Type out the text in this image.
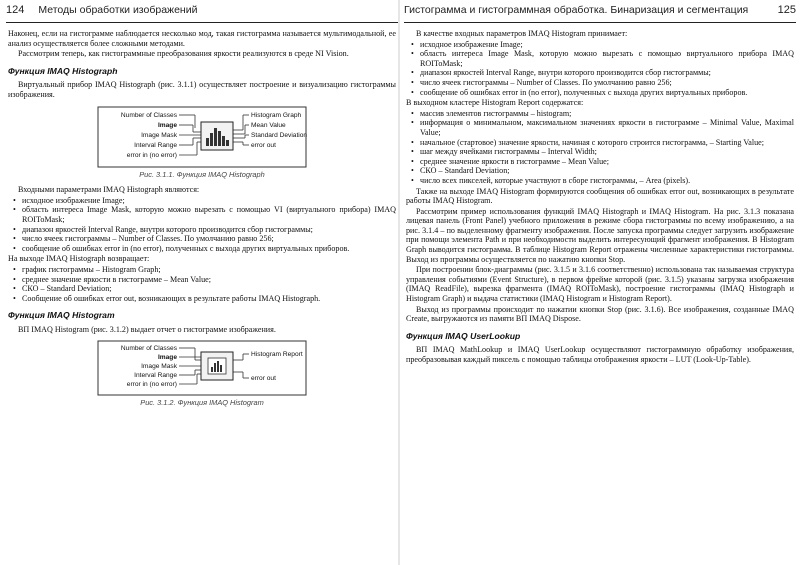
124 Методы обработки изображений

Наконец, если на гистограмме наблюдается несколько мод, такая гистограмма называется мультимодальной, ее анализ осуществляется более сложными методами.

Рассмотрим теперь, как гистограммные преобразования яркости реализуются в среде NI Vision.

Функция IMAQ Histograph

Виртуальный прибор IMAQ Histograph (рис. 3.1.1) осуществляет построение и визуализацию гистограммы изображения.

Number of Classes
Image
Image Mask
Interval Range
error in (no error)
Histogram Graph
Mean Value
Standard Deviation
error out
Рис. 3.1.1. Функция IMAQ Histograph

Входными параметрами IMAQ Histograph являются:

• исходное изображение Image;
• область интереса Image Mask, которую можно вырезать с помощью VI (виртуального прибора) IMAQ ROIToMask;
• диапазон яркостей Interval Range, внутри которого производится сбор гистограммы;
• число ячеек гистограммы – Number of Classes. По умолчанию равно 256;
• сообщение об ошибках error in (no error), полученных с выхода других виртуальных приборов.

На выходе IMAQ Histograph возвращает:

• график гистограммы – Histogram Graph;
• среднее значение яркости в гистограмме – Mean Value;
• СКО – Standard Deviation;
• Сообщение об ошибках error out, возникающих в результате работы IMAQ Histograph.
Функция IMAQ Histogram

ВП IMAQ Histogram (рис. 3.1.2) выдает отчет о гистограмме изображения.

Number of Classes
Image
Image Mask
Interval Range
error in (no error)
Histogram Report
error out
Рис. 3.1.2. Функция IMAQ Histogram
Гистограмма и гистограммная обработка. Бинаризация и сегментация	125

В качестве входных параметров IMAQ Histogram принимает:

• исходное изображение Image;
• область интереса Image Mask, которую можно вырезать с помощью виртуального прибора IMAQ ROIToMask;
• диапазон яркостей Interval Range, внутри которого производится сбор гистограммы;
• число ячеек гистограммы – Number of Classes. По умолчанию равно 256;
• сообщение об ошибках error in (no error), полученных с выхода других виртуальных приборов.

В выходном кластере Histogram Report содержатся:

• массив элементов гистограммы – histogram;
• информация о минимальном, максимальном значениях яркости в гистограмме – Minimal Value, Maximal Value;
• начальное (стартовое) значение яркости, начиная с которого строится гистограмма, – Starting Value;
• шаг между ячейками гистограммы – Interval Width;
• среднее значение яркости в гистограмме – Mean Value;
• СКО – Standard Deviation;
• число всех пикселей, которые участвуют в сборе гистограммы, – Area (pixels).

Также на выходе IMAQ Histogram формируются сообщения об ошибках error out, возникающих в результате работы IMAQ Histogram.

Рассмотрим пример использования функций IMAQ Histograph и IMAQ Histogram. На рис. 3.1.3 показана лицевая панель (Front Panel) учебного приложения в режиме сбора гистограммы по всему изображению, а на рис. 3.1.4 – по выделенному фрагменту изображения. После запуска программы следует загрузить изображение при помощи элемента Path и при необходимости выделить интересующий фрагмент изображения. В Histogram Graph выводится гистограмма. В таблице Histogram Report отражены численные характеристики гистограммы. Выход из программы осуществляется по нажатию кнопки Stop.

При построении блок-диаграммы (рис. 3.1.5 и 3.1.6 соответственно) использована так называемая структура управления событиями (Event Structure), в первом фрейме которой (рис. 3.1.5) указаны загрузка изображения (IMAQ ReadFile), вырезка фрагмента (IMAQ ROIToMask), построение гистограммы (IMAQ Histograph и Histogram Graph) и выдача статистики (IMAQ Histogram и Histogram Report).

Выход из программы происходит по нажатии кнопки Stop (рис. 3.1.6). Все изображения, созданные IMAQ Create, выгружаются из памяти ВП IMAQ Dispose.

Функция IMAQ UserLookup

ВП IMAQ MathLookup и IMAQ UserLookup осуществляют гистограммную обработку изображения, преобразовывая каждый пиксель с помощью таблицы отображения яркости – LUT (Look-Up-Table).
